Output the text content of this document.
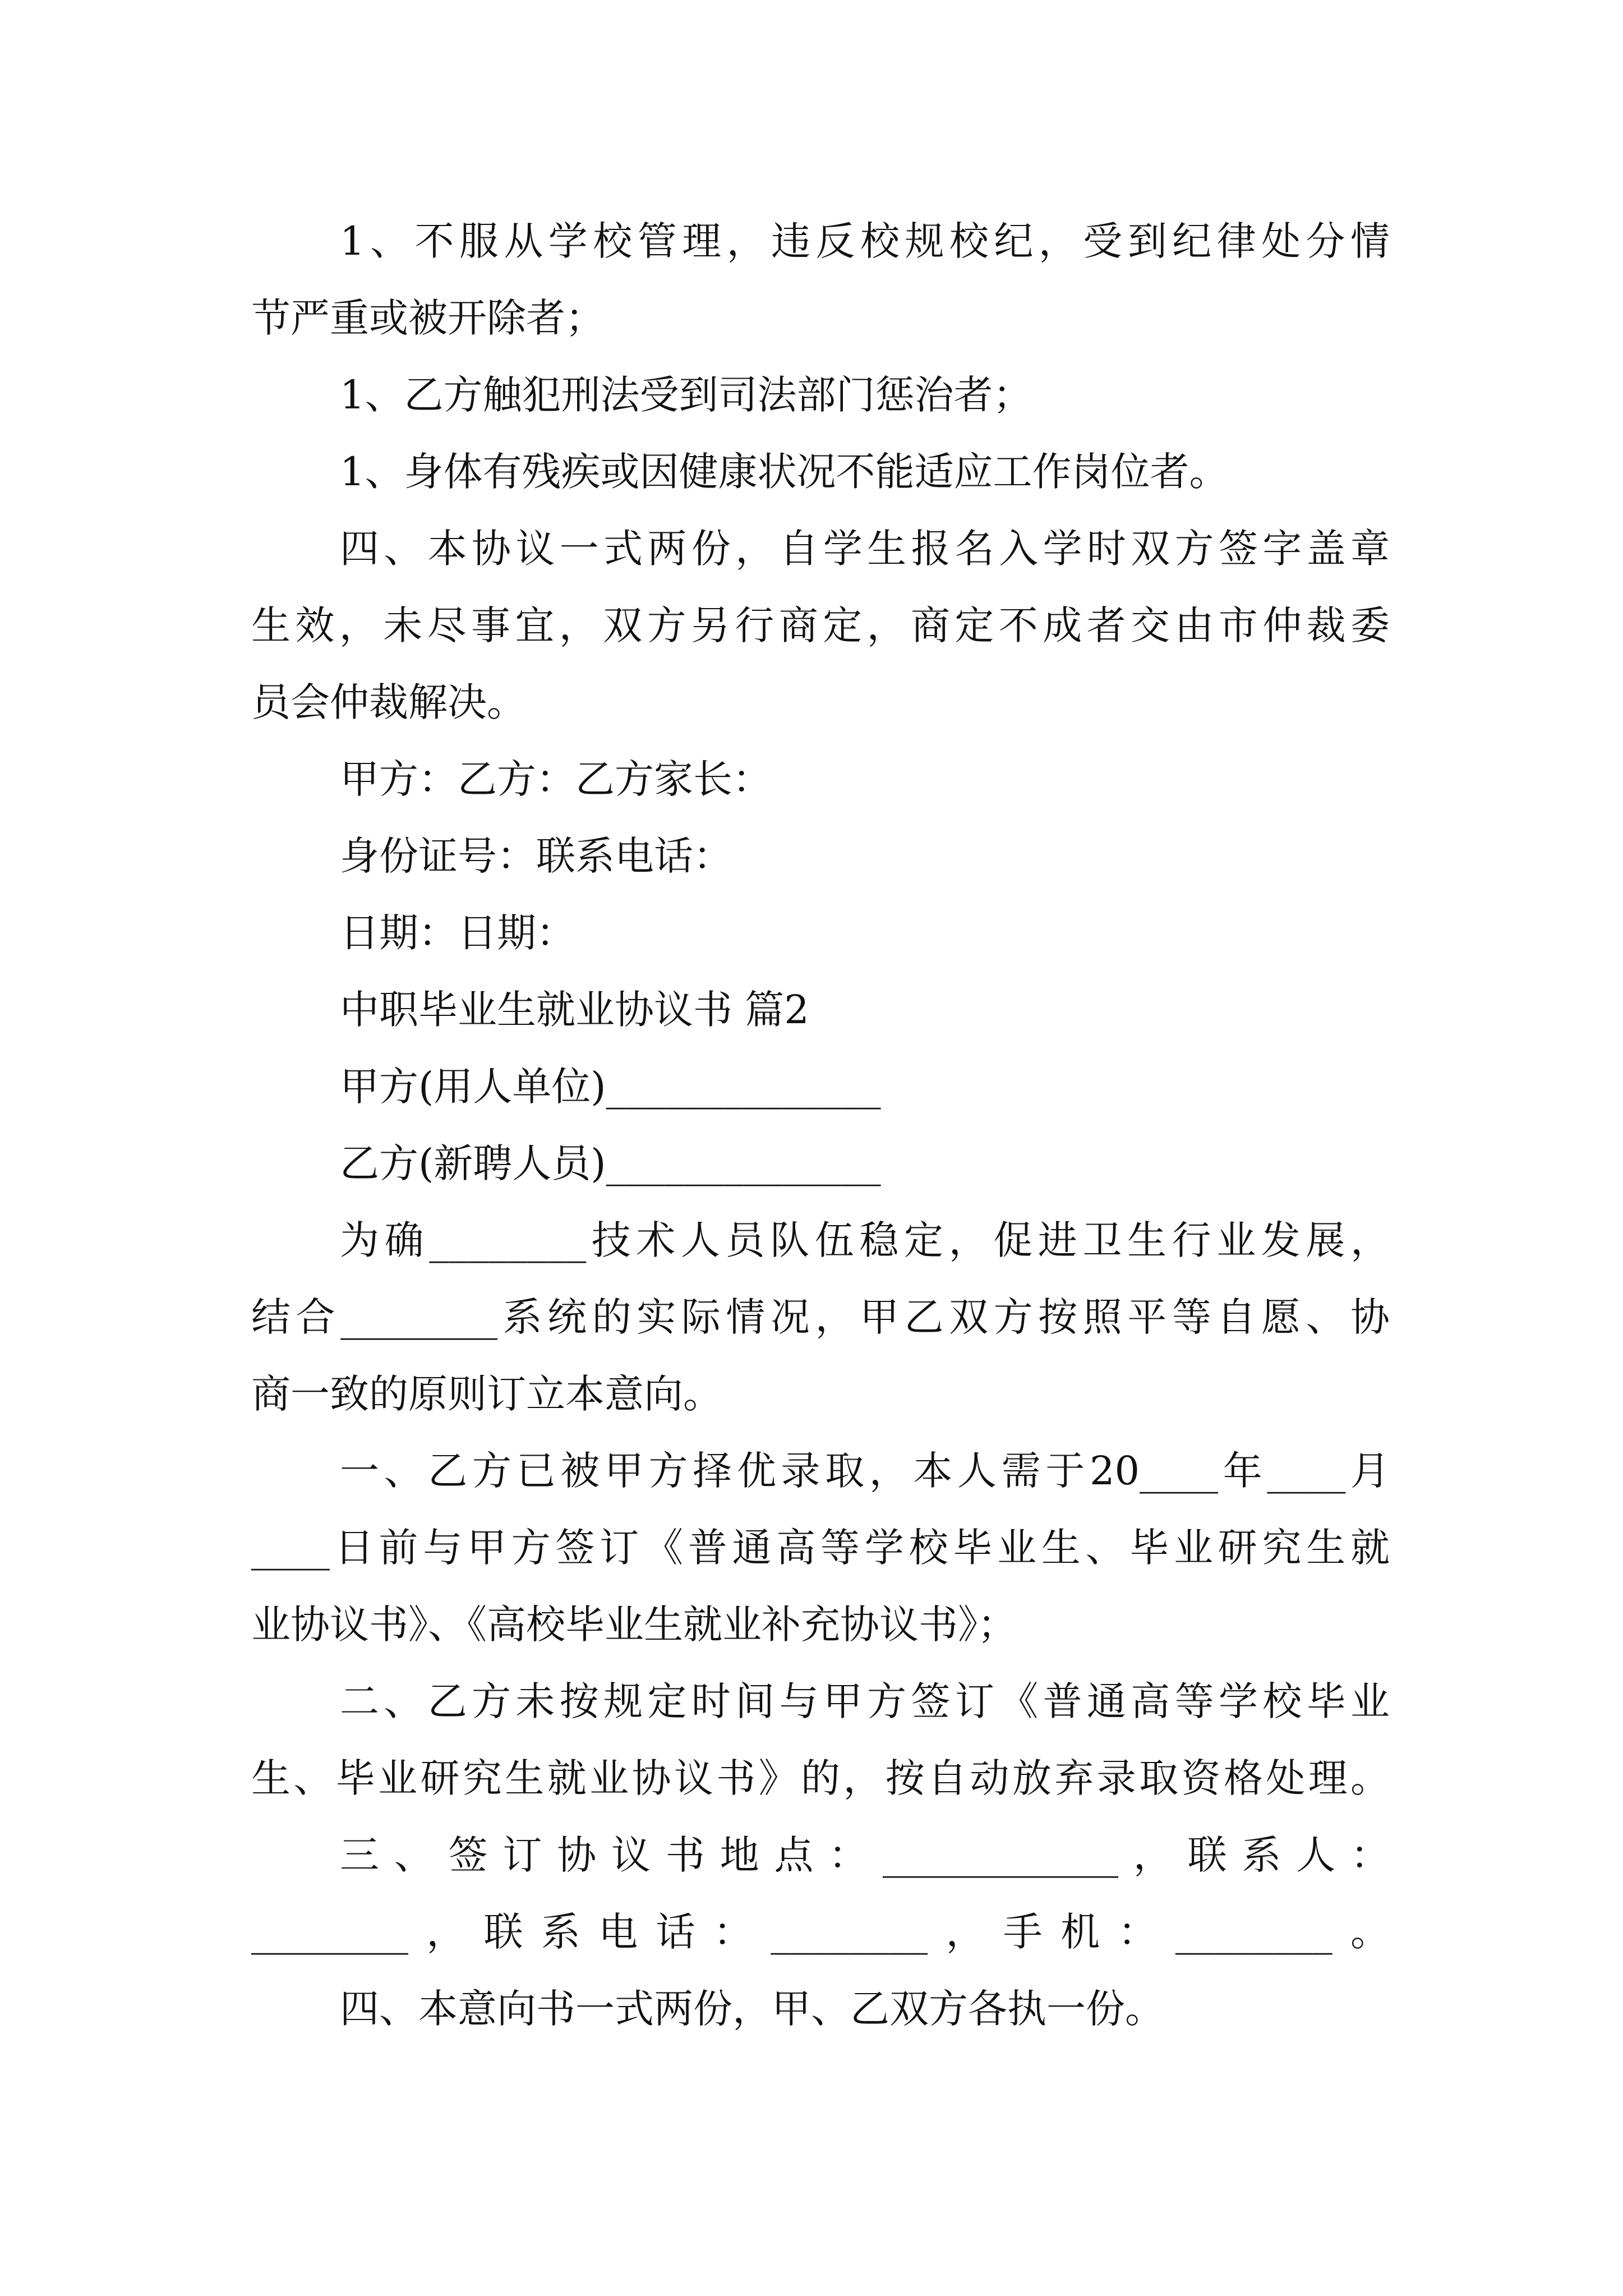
1、不服从学校管理，违反校规校纪，受到纪律处分情

节严重或被开除者；

1、乙方触犯刑法受到司法部门惩治者；

1、身体有残疾或因健康状况不能适应工作岗位者。

四、本协议一式两份，自学生报名入学时双方签字盖章

生效，未尽事宜，双方另行商定，商定不成者交由市仲裁委

员会仲裁解决。

甲方：乙方：乙方家长：

身份证号：联系电话：

日期：日期：

中职毕业生就业协议书 篇2

甲方(用人单位)______________

乙方(新聘人员)______________

为确________技术人员队伍稳定，促进卫生行业发展，

结合________系统的实际情况，甲乙双方按照平等自愿、协

商一致的原则订立本意向。

一、乙方已被甲方择优录取，本人需于20____年____月

____日前与甲方签订《普通高等学校毕业生、毕业研究生就

业协议书》、《高校毕业生就业补充协议书》；

二、乙方未按规定时间与甲方签订《普通高等学校毕业

生、毕业研究生就业协议书》的，按自动放弃录取资格处理。

三、签订协议书地点：____________，联系人：

________，联系电话：________，手机：________。

四、本意向书一式两份，甲、乙双方各执一份。
